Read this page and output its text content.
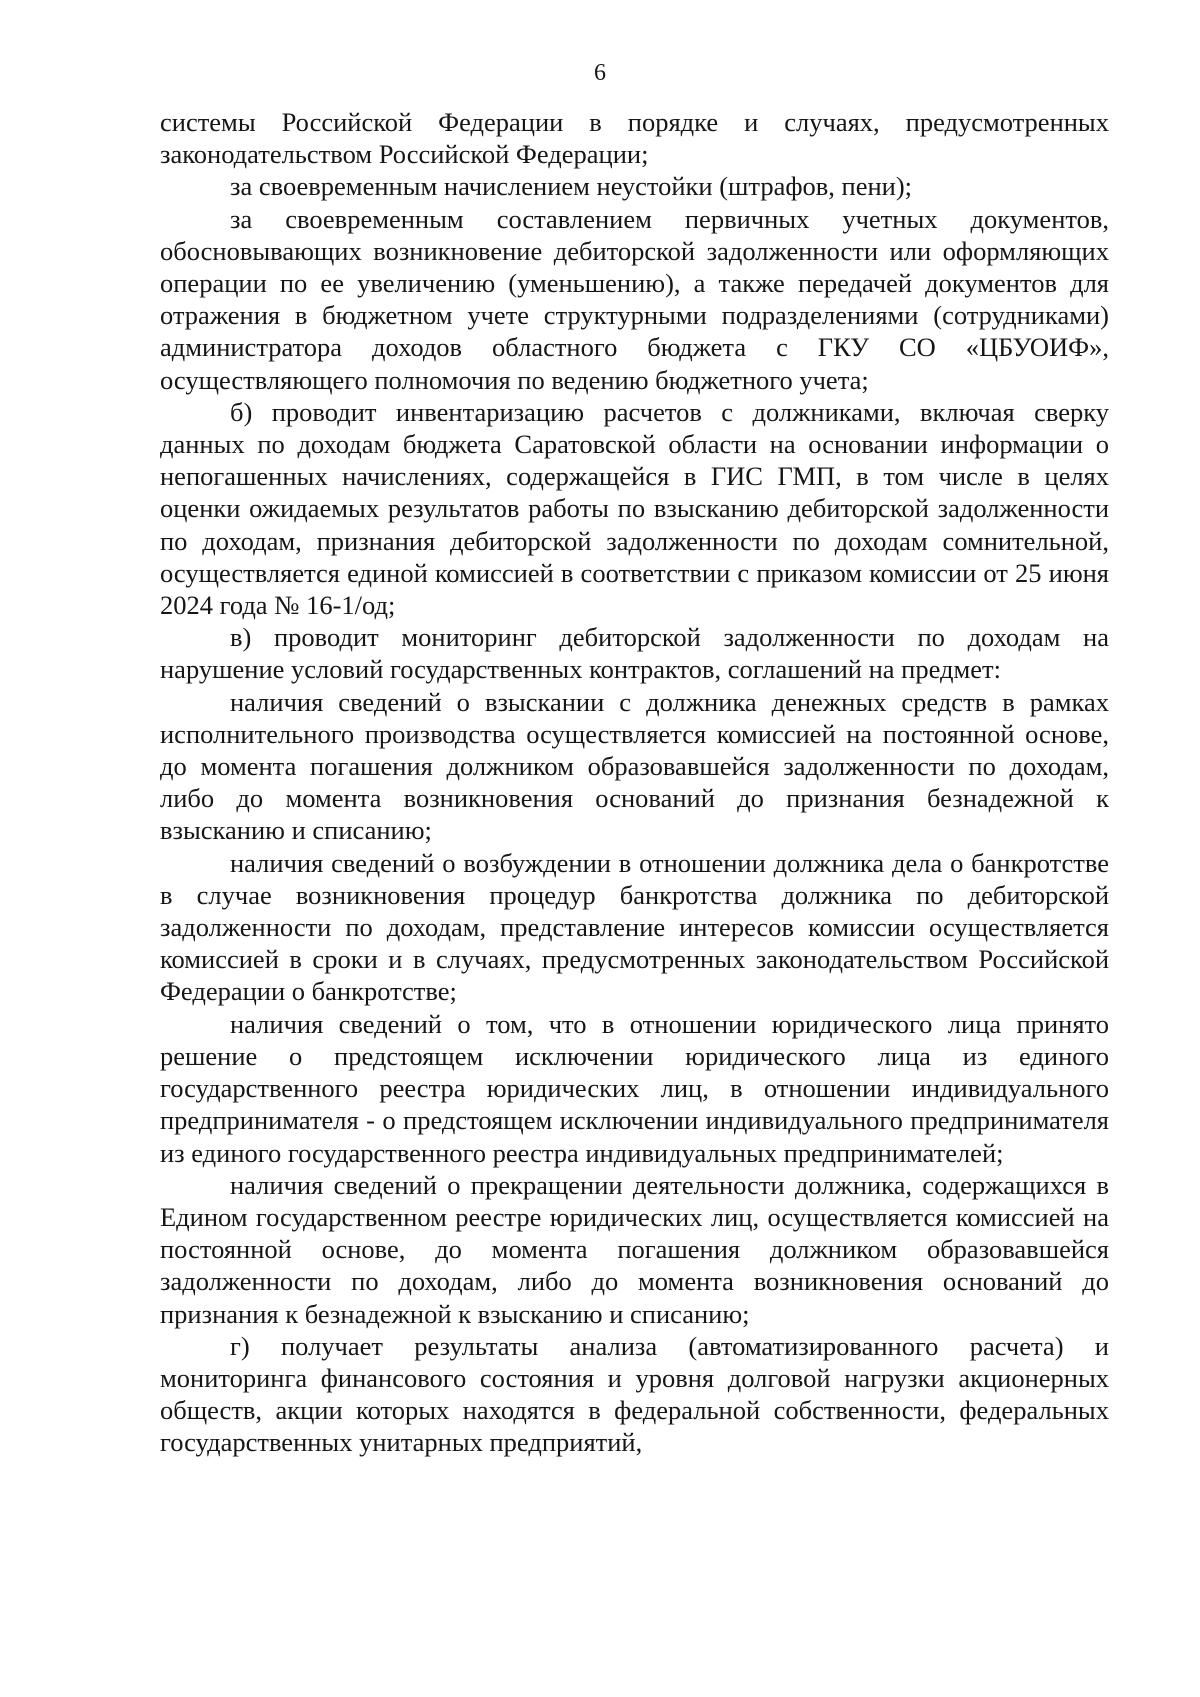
6

системы Российской Федерации в порядке и случаях, предусмотренных законодательством Российской Федерации;

за своевременным начислением неустойки (штрафов, пени);

за своевременным составлением первичных учетных документов, обосновывающих возникновение дебиторской задолженности или оформляющих операции по ее увеличению (уменьшению), а также передачей документов для отражения в бюджетном учете структурными подразделениями (сотрудниками) администратора доходов областного бюджета с ГКУ СО «ЦБУОИФ», осуществляющего полномочия по ведению бюджетного учета;

б) проводит инвентаризацию расчетов с должниками, включая сверку данных по доходам бюджета Саратовской области на основании информации о непогашенных начислениях, содержащейся в ГИС ГМП, в том числе в целях оценки ожидаемых результатов работы по взысканию дебиторской задолженности по доходам, признания дебиторской задолженности по доходам сомнительной, осуществляется единой комиссией в соответствии с приказом комиссии от 25 июня 2024 года № 16-1/од;

в) проводит мониторинг дебиторской задолженности по доходам на нарушение условий государственных контрактов, соглашений на предмет:

наличия сведений о взыскании с должника денежных средств в рамках исполнительного производства осуществляется комиссией на постоянной основе, до момента погашения должником образовавшейся задолженности по доходам, либо до момента возникновения оснований до признания безнадежной к взысканию и списанию;

наличия сведений о возбуждении в отношении должника дела о банкротстве в случае возникновения процедур банкротства должника по дебиторской задолженности по доходам, представление интересов комиссии осуществляется комиссией в сроки и в случаях, предусмотренных законодательством Российской Федерации о банкротстве;

наличия сведений о том, что в отношении юридического лица принято решение о предстоящем исключении юридического лица из единого государственного реестра юридических лиц, в отношении индивидуального предпринимателя - о предстоящем исключении индивидуального предпринимателя из единого государственного реестра индивидуальных предпринимателей;

наличия сведений о прекращении деятельности должника, содержащихся в Едином государственном реестре юридических лиц, осуществляется комиссией на постоянной основе, до момента погашения должником образовавшейся задолженности по доходам, либо до момента возникновения оснований до признания к безнадежной к взысканию и списанию;

г) получает результаты анализа (автоматизированного расчета) и мониторинга финансового состояния и уровня долговой нагрузки акционерных обществ, акции которых находятся в федеральной собственности, федеральных государственных унитарных предприятий,
